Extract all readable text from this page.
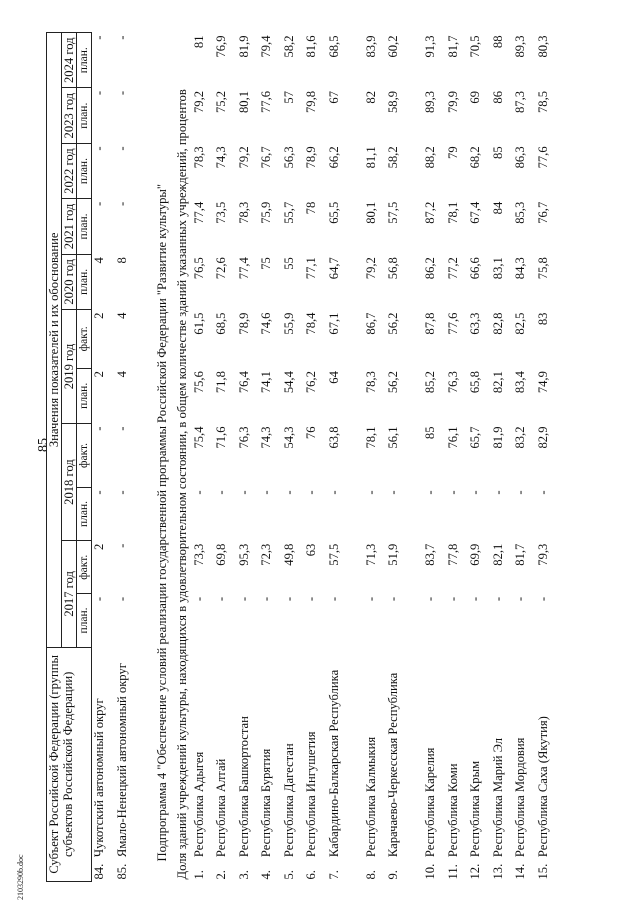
85
2103290b.doc
Субъект Российской Федерации (группы субъектов Российской Федерации)		Значения показателей и их обоснование										
		2017 год		2018 год		2019 год		2020 год	2021 год	2022 год	2023 год	2024 год
		план.	факт.	план.	факт.	план.	факт.	план.	план.	план.	план.	план.
84.	Чукотский автономный округ	-	2	-	-	2	2	4	-	-	-	-
85.	Ямало-Ненецкий автономный округ	-	-	-	-	4	4	8	-	-	-	-
Подпрограмма 4 "Обеспечение условий реализации государственной программы Российской Федерации "Развитие культуры"												
Доля зданий учреждений культуры, находящихся в удовлетворительном состоянии, в общем количестве зданий указанных учреждений, процентов												
1.	Республика Адыгея	-	73,3	-	75,4	75,6	61,5	76,5	77,4	78,3	79,2	81
2.	Республика Алтай	-	69,8	-	71,6	71,8	68,5	72,6	73,5	74,3	75,2	76,9
3.	Республика Башкортостан	-	95,3	-	76,3	76,4	78,9	77,4	78,3	79,2	80,1	81,9
4.	Республика Бурятия	-	72,3	-	74,3	74,1	74,6	75	75,9	76,7	77,6	79,4
5.	Республика Дагестан	-	49,8	-	54,3	54,4	55,9	55	55,7	56,3	57	58,2
6.	Республика Ингушетия	-	63	-	76	76,2	78,4	77,1	78	78,9	79,8	81,6
7.	Кабардино-Балкарская Республика	-	57,5	-	63,8	64	67,1	64,7	65,5	66,2	67	68,5
8.	Республика Калмыкия	-	71,3	-	78,1	78,3	86,7	79,2	80,1	81,1	82	83,9
9.	Карачаево-Черкесская Республика	-	51,9	-	56,1	56,2	56,2	56,8	57,5	58,2	58,9	60,2
10.	Республика Карелия	-	83,7	-	85	85,2	87,8	86,2	87,2	88,2	89,3	91,3
11.	Республика Коми	-	77,8	-	76,1	76,3	77,6	77,2	78,1	79	79,9	81,7
12.	Республика Крым	-	69,9	-	65,7	65,8	63,3	66,6	67,4	68,2	69	70,5
13.	Республика Марий Эл	-	82,1	-	81,9	82,1	82,8	83,1	84	85	86	88
14.	Республика Мордовия	-	81,7	-	83,2	83,4	82,5	84,3	85,3	86,3	87,3	89,3
15.	Республика Саха (Якутия)	-	79,3	-	82,9	74,9	83	75,8	76,7	77,6	78,5	80,3
